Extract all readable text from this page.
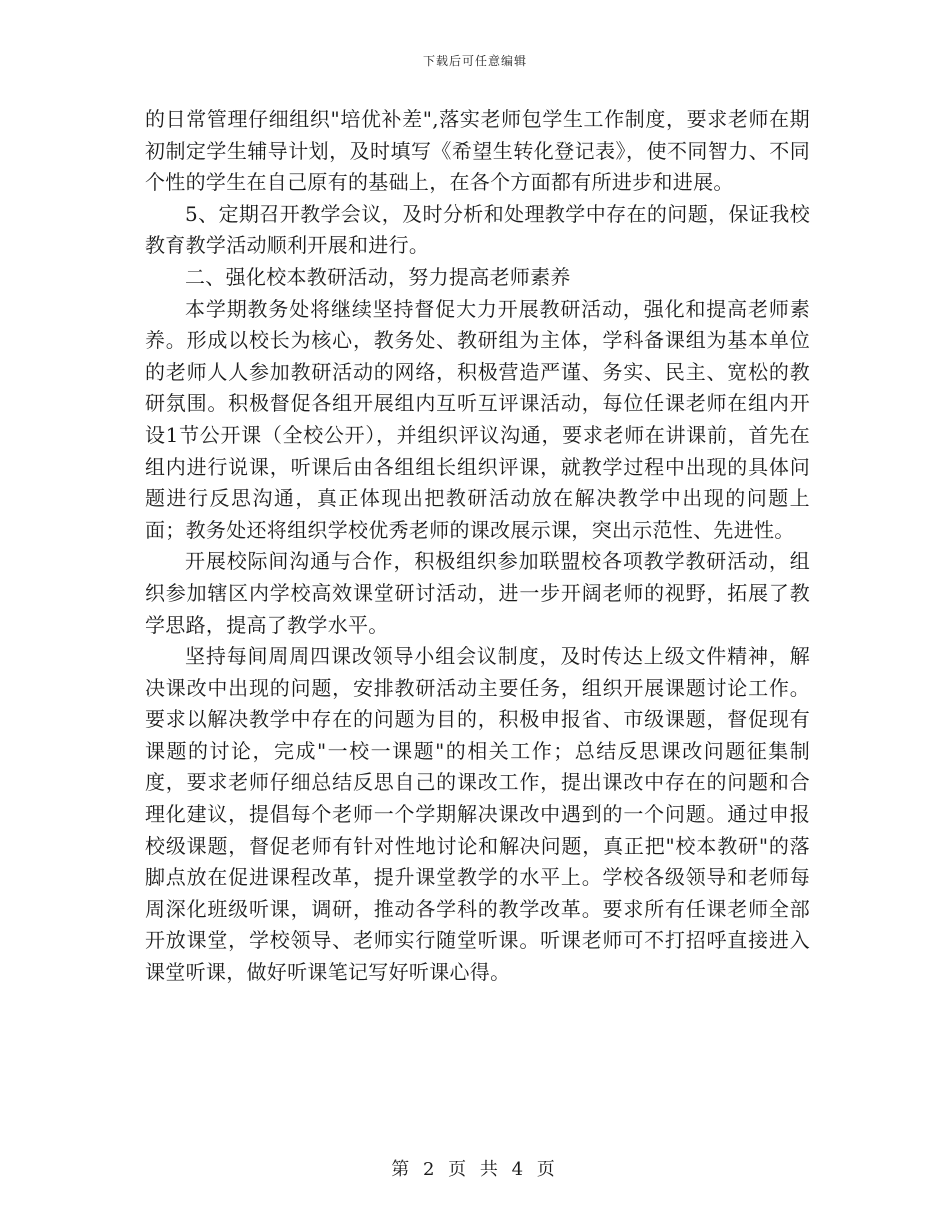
下载后可任意编辑

的日常管理仔细组织"培优补差",落实老师包学生工作制度，要求老师在期初制定学生辅导计划，及时填写《希望生转化登记表》，使不同智力、不同个性的学生在自己原有的基础上，在各个方面都有所进步和进展。

5、定期召开教学会议，及时分析和处理教学中存在的问题，保证我校教育教学活动顺利开展和进行。

二、强化校本教研活动，努力提高老师素养

本学期教务处将继续坚持督促大力开展教研活动，强化和提高老师素养。形成以校长为核心，教务处、教研组为主体，学科备课组为基本单位的老师人人参加教研活动的网络，积极营造严谨、务实、民主、宽松的教研氛围。积极督促各组开展组内互听互评课活动，每位任课老师在组内开设1节公开课（全校公开），并组织评议沟通，要求老师在讲课前，首先在组内进行说课，听课后由各组组长组织评课，就教学过程中出现的具体问题进行反思沟通，真正体现出把教研活动放在解决教学中出现的问题上面；教务处还将组织学校优秀老师的课改展示课，突出示范性、先进性。

开展校际间沟通与合作，积极组织参加联盟校各项教学教研活动，组织参加辖区内学校高效课堂研讨活动，进一步开阔老师的视野，拓展了教学思路，提高了教学水平。

坚持每间周周四课改领导小组会议制度，及时传达上级文件精神，解决课改中出现的问题，安排教研活动主要任务，组织开展课题讨论工作。要求以解决教学中存在的问题为目的，积极申报省、市级课题，督促现有课题的讨论，完成"一校一课题"的相关工作；总结反思课改问题征集制度，要求老师仔细总结反思自己的课改工作，提出课改中存在的问题和合理化建议，提倡每个老师一个学期解决课改中遇到的一个问题。通过申报校级课题，督促老师有针对性地讨论和解决问题，真正把"校本教研"的落脚点放在促进课程改革，提升课堂教学的水平上。学校各级领导和老师每周深化班级听课，调研，推动各学科的教学改革。要求所有任课老师全部开放课堂，学校领导、老师实行随堂听课。听课老师可不打招呼直接进入课堂听课，做好听课笔记写好听课心得。

第 2 页 共 4 页
